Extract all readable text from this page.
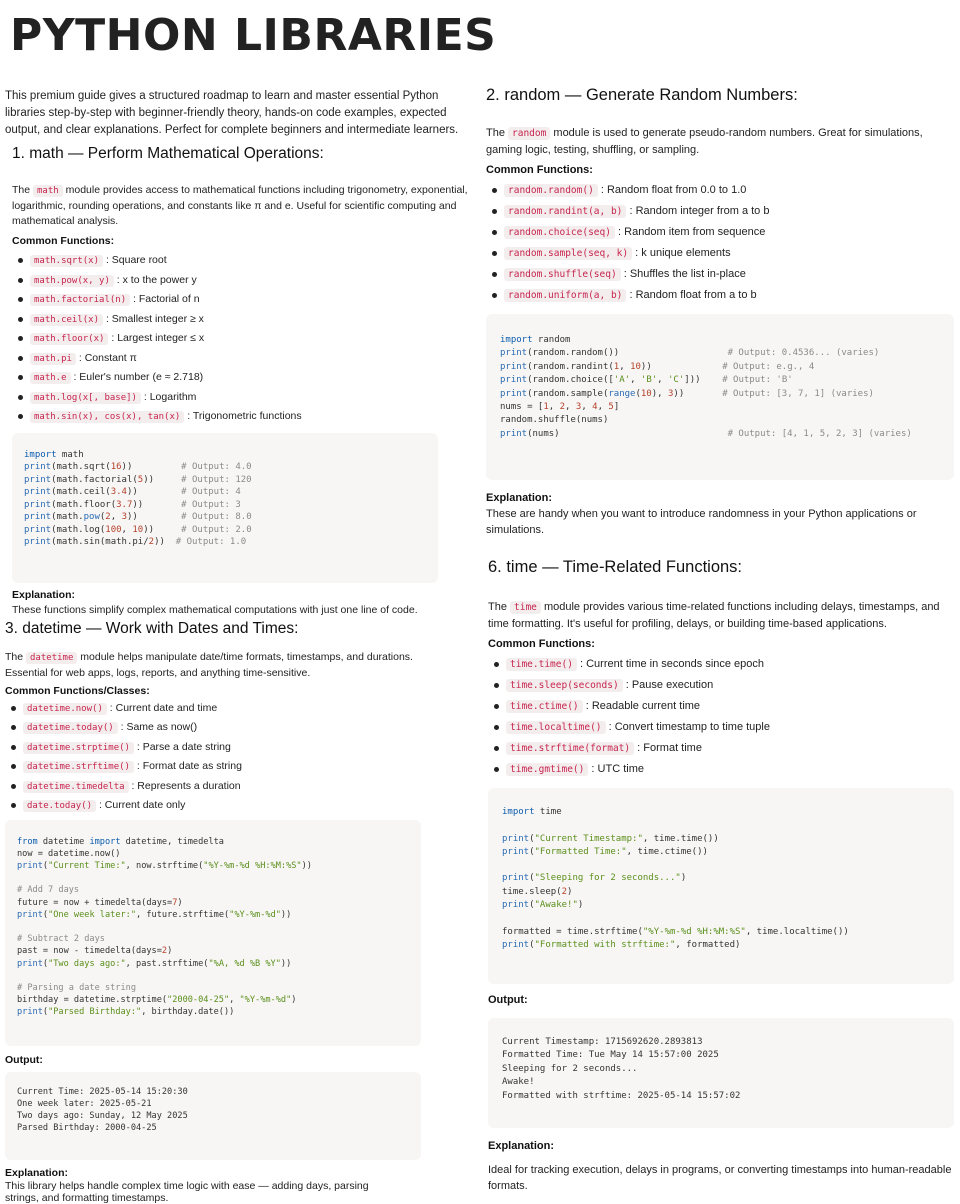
PYTHON LIBRARIES

This premium guide gives a structured roadmap to learn and master essential Python libraries step-by-step with beginner-friendly theory, hands-on code examples, expected output, and clear explanations. Perfect for complete beginners and intermediate learners.

1. math — Perform Mathematical Operations:

The math module provides access to mathematical functions including trigonometry, exponential, logarithmic, rounding operations, and constants like π and e. Useful for scientific computing and mathematical analysis.

Common Functions:

math.sqrt(x) : Square root
math.pow(x, y) : x to the power y
math.factorial(n) : Factorial of n
math.ceil(x) : Smallest integer ≥ x
math.floor(x) : Largest integer ≤ x
math.pi : Constant π
math.e : Euler's number (e ≈ 2.718)
math.log(x[, base]) : Logarithm
math.sin(x), cos(x), tan(x) : Trigonometric functions
import math
print(math.sqrt(16))         # Output: 4.0
print(math.factorial(5))     # Output: 120
print(math.ceil(3.4))        # Output: 4
print(math.floor(3.7))       # Output: 3
print(math.pow(2, 3))        # Output: 8.0
print(math.log(100, 10))     # Output: 2.0
print(math.sin(math.pi/2))  # Output: 1.0

Explanation:

These functions simplify complex mathematical computations with just one line of code.

3. datetime — Work with Dates and Times:

The datetime module helps manipulate date/time formats, timestamps, and durations. Essential for web apps, logs, reports, and anything time-sensitive.

Common Functions/Classes:

datetime.now() : Current date and time
datetime.today() : Same as now()
datetime.strptime() : Parse a date string
datetime.strftime() : Format date as string
datetime.timedelta : Represents a duration
date.today() : Current date only
from datetime import datetime, timedelta
now = datetime.now()
print("Current Time:", now.strftime("%Y-%m-%d %H:%M:%S"))

# Add 7 days
future = now + timedelta(days=7)
print("One week later:", future.strftime("%Y-%m-%d"))

# Subtract 2 days
past = now - timedelta(days=2)
print("Two days ago:", past.strftime("%A, %d %B %Y"))

# Parsing a date string
birthday = datetime.strptime("2000-04-25", "%Y-%m-%d")
print("Parsed Birthday:", birthday.date())

Output:

Current Time: 2025-05-14 15:20:30
One week later: 2025-05-21
Two days ago: Sunday, 12 May 2025
Parsed Birthday: 2000-04-25

Explanation:

This library helps handle complex time logic with ease — adding days, parsing strings, and formatting timestamps.

2. random — Generate Random Numbers:

The random module is used to generate pseudo-random numbers. Great for simulations, gaming logic, testing, shuffling, or sampling.

Common Functions:

random.random() : Random float from 0.0 to 1.0
random.randint(a, b) : Random integer from a to b
random.choice(seq) : Random item from sequence
random.sample(seq, k) : k unique elements
random.shuffle(seq) : Shuffles the list in-place
random.uniform(a, b) : Random float from a to b
import random
print(random.random())                    # Output: 0.4536... (varies)
print(random.randint(1, 10))             # Output: e.g., 4
print(random.choice(['A', 'B', 'C']))    # Output: 'B'
print(random.sample(range(10), 3))       # Output: [3, 7, 1] (varies)
nums = [1, 2, 3, 4, 5]
random.shuffle(nums)
print(nums)                               # Output: [4, 1, 5, 2, 3] (varies)

Explanation:

These are handy when you want to introduce randomness in your Python applications or simulations.

6. time — Time-Related Functions:

The time module provides various time-related functions including delays, timestamps, and time formatting. It's useful for profiling, delays, or building time-based applications.

Common Functions:

time.time() : Current time in seconds since epoch
time.sleep(seconds) : Pause execution
time.ctime() : Readable current time
time.localtime() : Convert timestamp to time tuple
time.strftime(format) : Format time
time.gmtime() : UTC time
import time

print("Current Timestamp:", time.time())
print("Formatted Time:", time.ctime())

print("Sleeping for 2 seconds...")
time.sleep(2)
print("Awake!")

formatted = time.strftime("%Y-%m-%d %H:%M:%S", time.localtime())
print("Formatted with strftime:", formatted)

Output:

Current Timestamp: 1715692620.2893813
Formatted Time: Tue May 14 15:57:00 2025
Sleeping for 2 seconds...
Awake!
Formatted with strftime: 2025-05-14 15:57:02

Explanation:

Ideal for tracking execution, delays in programs, or converting timestamps into human-readable formats.
